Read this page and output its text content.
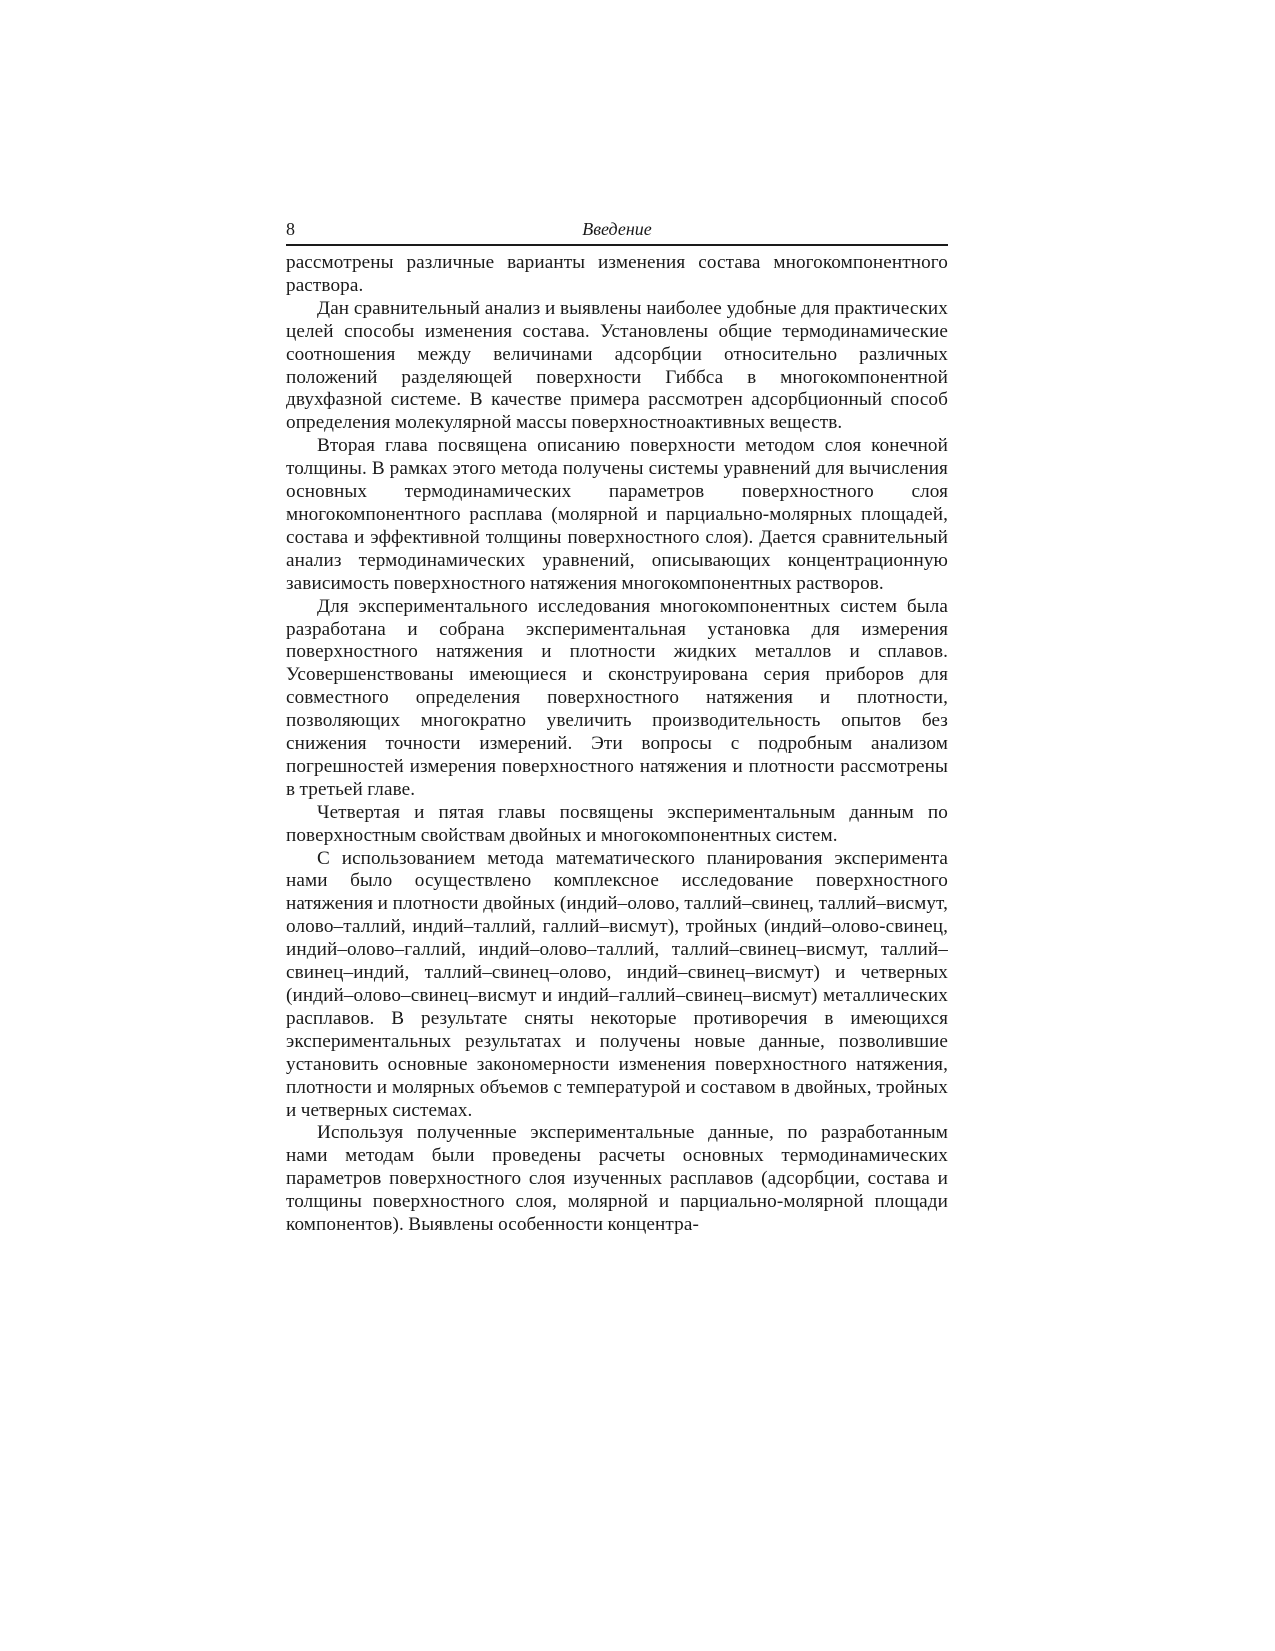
8	Введение

рассмотрены различные варианты изменения состава многокомпонентного раствора.

Дан сравнительный анализ и выявлены наиболее удобные для практических целей способы изменения состава. Установлены общие термодинамические соотношения между величинами адсорбции относительно различных положений разделяющей поверхности Гиббса в многокомпонентной двухфазной системе. В качестве примера рассмотрен адсорбционный способ определения молекулярной массы поверхностноактивных веществ.

Вторая глава посвящена описанию поверхности методом слоя конечной толщины. В рамках этого метода получены системы уравнений для вычисления основных термодинамических параметров поверхностного слоя многокомпонентного расплава (молярной и парциально-молярных площадей, состава и эффективной толщины поверхностного слоя). Дается сравнительный анализ термодинамических уравнений, описывающих концентрационную зависимость поверхностного натяжения многокомпонентных растворов.

Для экспериментального исследования многокомпонентных систем была разработана и собрана экспериментальная установка для измерения поверхностного натяжения и плотности жидких металлов и сплавов. Усовершенствованы имеющиеся и сконструирована серия приборов для совместного определения поверхностного натяжения и плотности, позволяющих многократно увеличить производительность опытов без снижения точности измерений. Эти вопросы с подробным анализом погрешностей измерения поверхностного натяжения и плотности рассмотрены в третьей главе.

Четвертая и пятая главы посвящены экспериментальным данным по поверхностным свойствам двойных и многокомпонентных систем.

С использованием метода математического планирования эксперимента нами было осуществлено комплексное исследование поверхностного натяжения и плотности двойных (индий–олово, таллий–свинец, таллий–висмут, олово–таллий, индий–таллий, галлий–висмут), тройных (индий–олово-свинец, индий–олово–галлий, индий–олово–таллий, таллий–свинец–висмут, таллий–свинец–индий, таллий–свинец–олово, индий–свинец–висмут) и четверных (индий–олово–свинец–висмут и индий–галлий–свинец–висмут) металлических расплавов. В результате сняты некоторые противоречия в имеющихся экспериментальных результатах и получены новые данные, позволившие установить основные закономерности изменения поверхностного натяжения, плотности и молярных объемов с температурой и составом в двойных, тройных и четверных системах.

Используя полученные экспериментальные данные, по разработанным нами методам были проведены расчеты основных термодинамических параметров поверхностного слоя изученных расплавов (адсорбции, состава и толщины поверхностного слоя, молярной и парциально-молярной площади компонентов). Выявлены особенности концентра-
